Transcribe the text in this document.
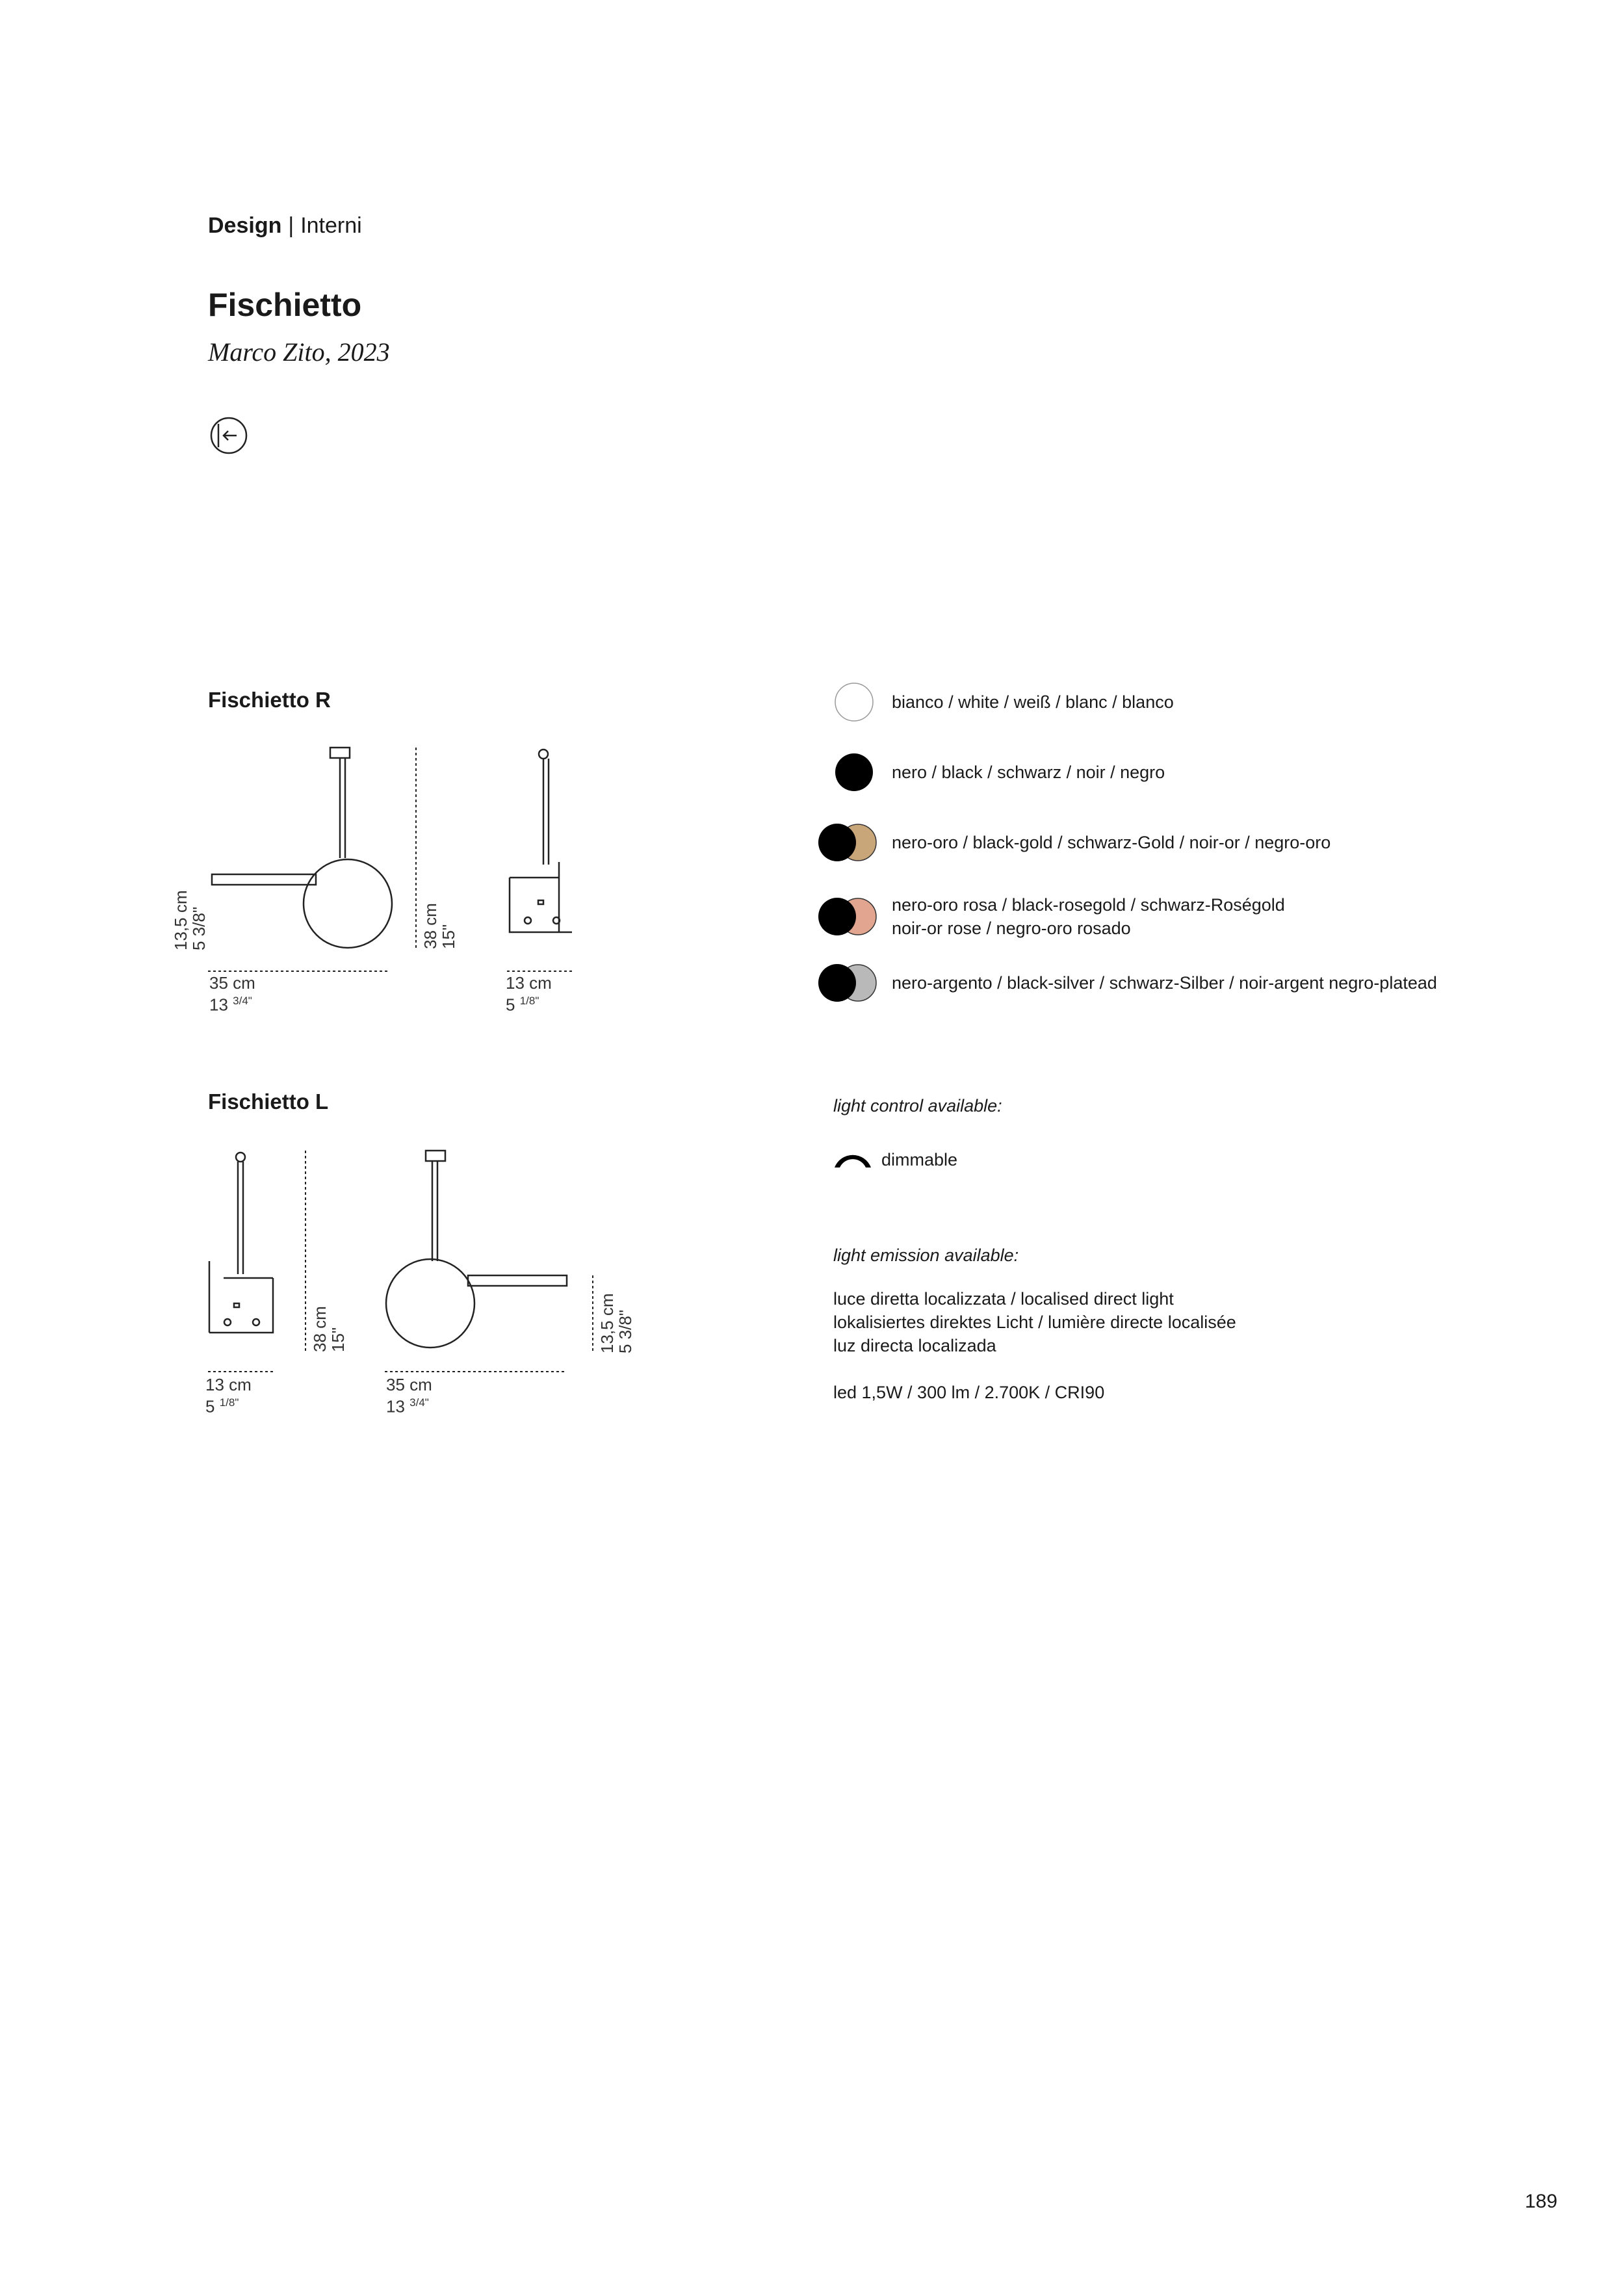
Design | Interni
Fischietto
Marco Zito, 2023
Fischietto R
13,5 cm
5 3/8"	38 cm
15"
35 cm
13 $^{3/4"}$
13 cm
5 $^{1/8"}$
Fischietto L
38 cm
15"	13,5 cm
5 3/8"
13 cm
5 $^{1/8"}$
35 cm
13 $^{3/4"}$
bianco / white / weiß / blanc / blanco
nero / black / schwarz / noir / negro
nero-oro / black-gold / schwarz-Gold / noir-or / negro-oro
nero-oro rosa / black-rosegold / schwarz-Roségold
noir-or rose / negro-oro rosado
nero-argento / black-silver / schwarz-Silber / noir-argent negro-platead
light control available:
dimmable
light emission available:
luce diretta localizzata / localised direct light
lokalisiertes direktes Licht / lumière directe localisée
luz directa localizada
led 1,5W / 300 lm / 2.700K / CRI90
189
